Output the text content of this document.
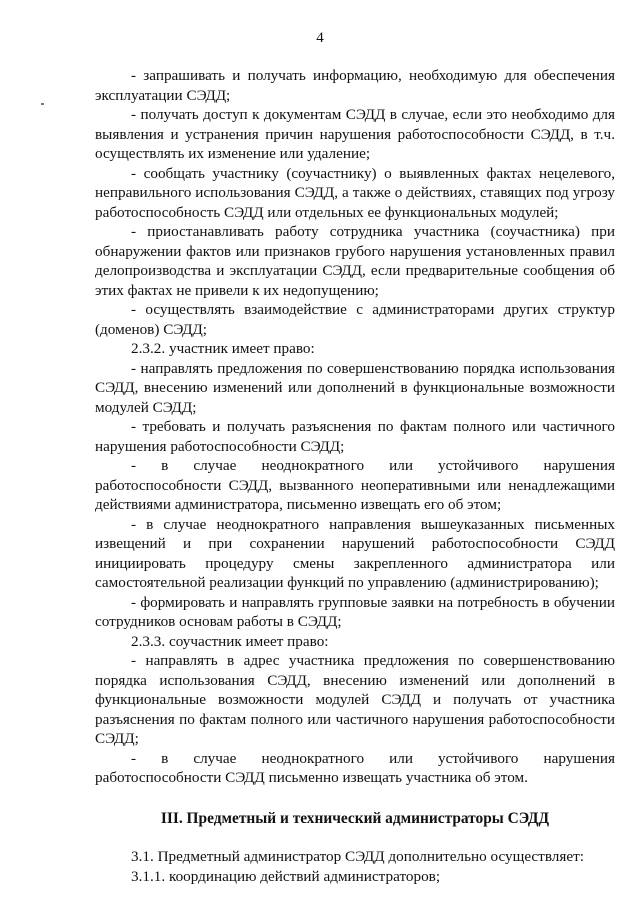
4

- запрашивать и получать информацию, необходимую для обеспечения эксплуатации СЭДД;

- получать доступ к документам СЭДД в случае, если это необходимо для выявления и устранения причин нарушения работоспособности СЭДД, в т.ч. осуществлять их изменение или удаление;

- сообщать участнику (соучастнику) о выявленных фактах нецелевого, неправильного использования СЭДД, а также о действиях, ставящих под угрозу работоспособность СЭДД или отдельных ее функциональных модулей;

- приостанавливать работу сотрудника участника (соучастника) при обнаружении фактов или признаков грубого нарушения установленных правил делопроизводства и эксплуатации СЭДД, если предварительные сообщения об этих фактах не привели к их недопущению;

- осуществлять взаимодействие с администраторами других структур (доменов) СЭДД;

2.3.2. участник имеет право:

- направлять предложения по совершенствованию порядка использования СЭДД, внесению изменений или дополнений в функциональные возможности модулей СЭДД;

- требовать и получать разъяснения по фактам полного или частичного нарушения работоспособности СЭДД;

- в случае неоднократного или устойчивого нарушения работоспособности СЭДД, вызванного неоперативными или ненадлежащими действиями администратора, письменно извещать его об этом;

- в случае неоднократного направления вышеуказанных письменных извещений и при сохранении нарушений работоспособности СЭДД инициировать процедуру смены закрепленного администратора или самостоятельной реализации функций по управлению (администрированию);

- формировать и направлять групповые заявки на потребность в обучении сотрудников основам работы в СЭДД;

2.3.3. соучастник имеет право:

- направлять в адрес участника предложения по совершенствованию порядка использования СЭДД, внесению изменений или дополнений в функциональные возможности модулей СЭДД и получать от участника разъяснения по фактам полного или частичного нарушения работоспособности СЭДД;

- в случае неоднократного или устойчивого нарушения работоспособности СЭДД письменно извещать участника об этом.

III. Предметный и технический администраторы СЭДД

3.1. Предметный администратор СЭДД дополнительно осуществляет:

3.1.1. координацию действий администраторов;
